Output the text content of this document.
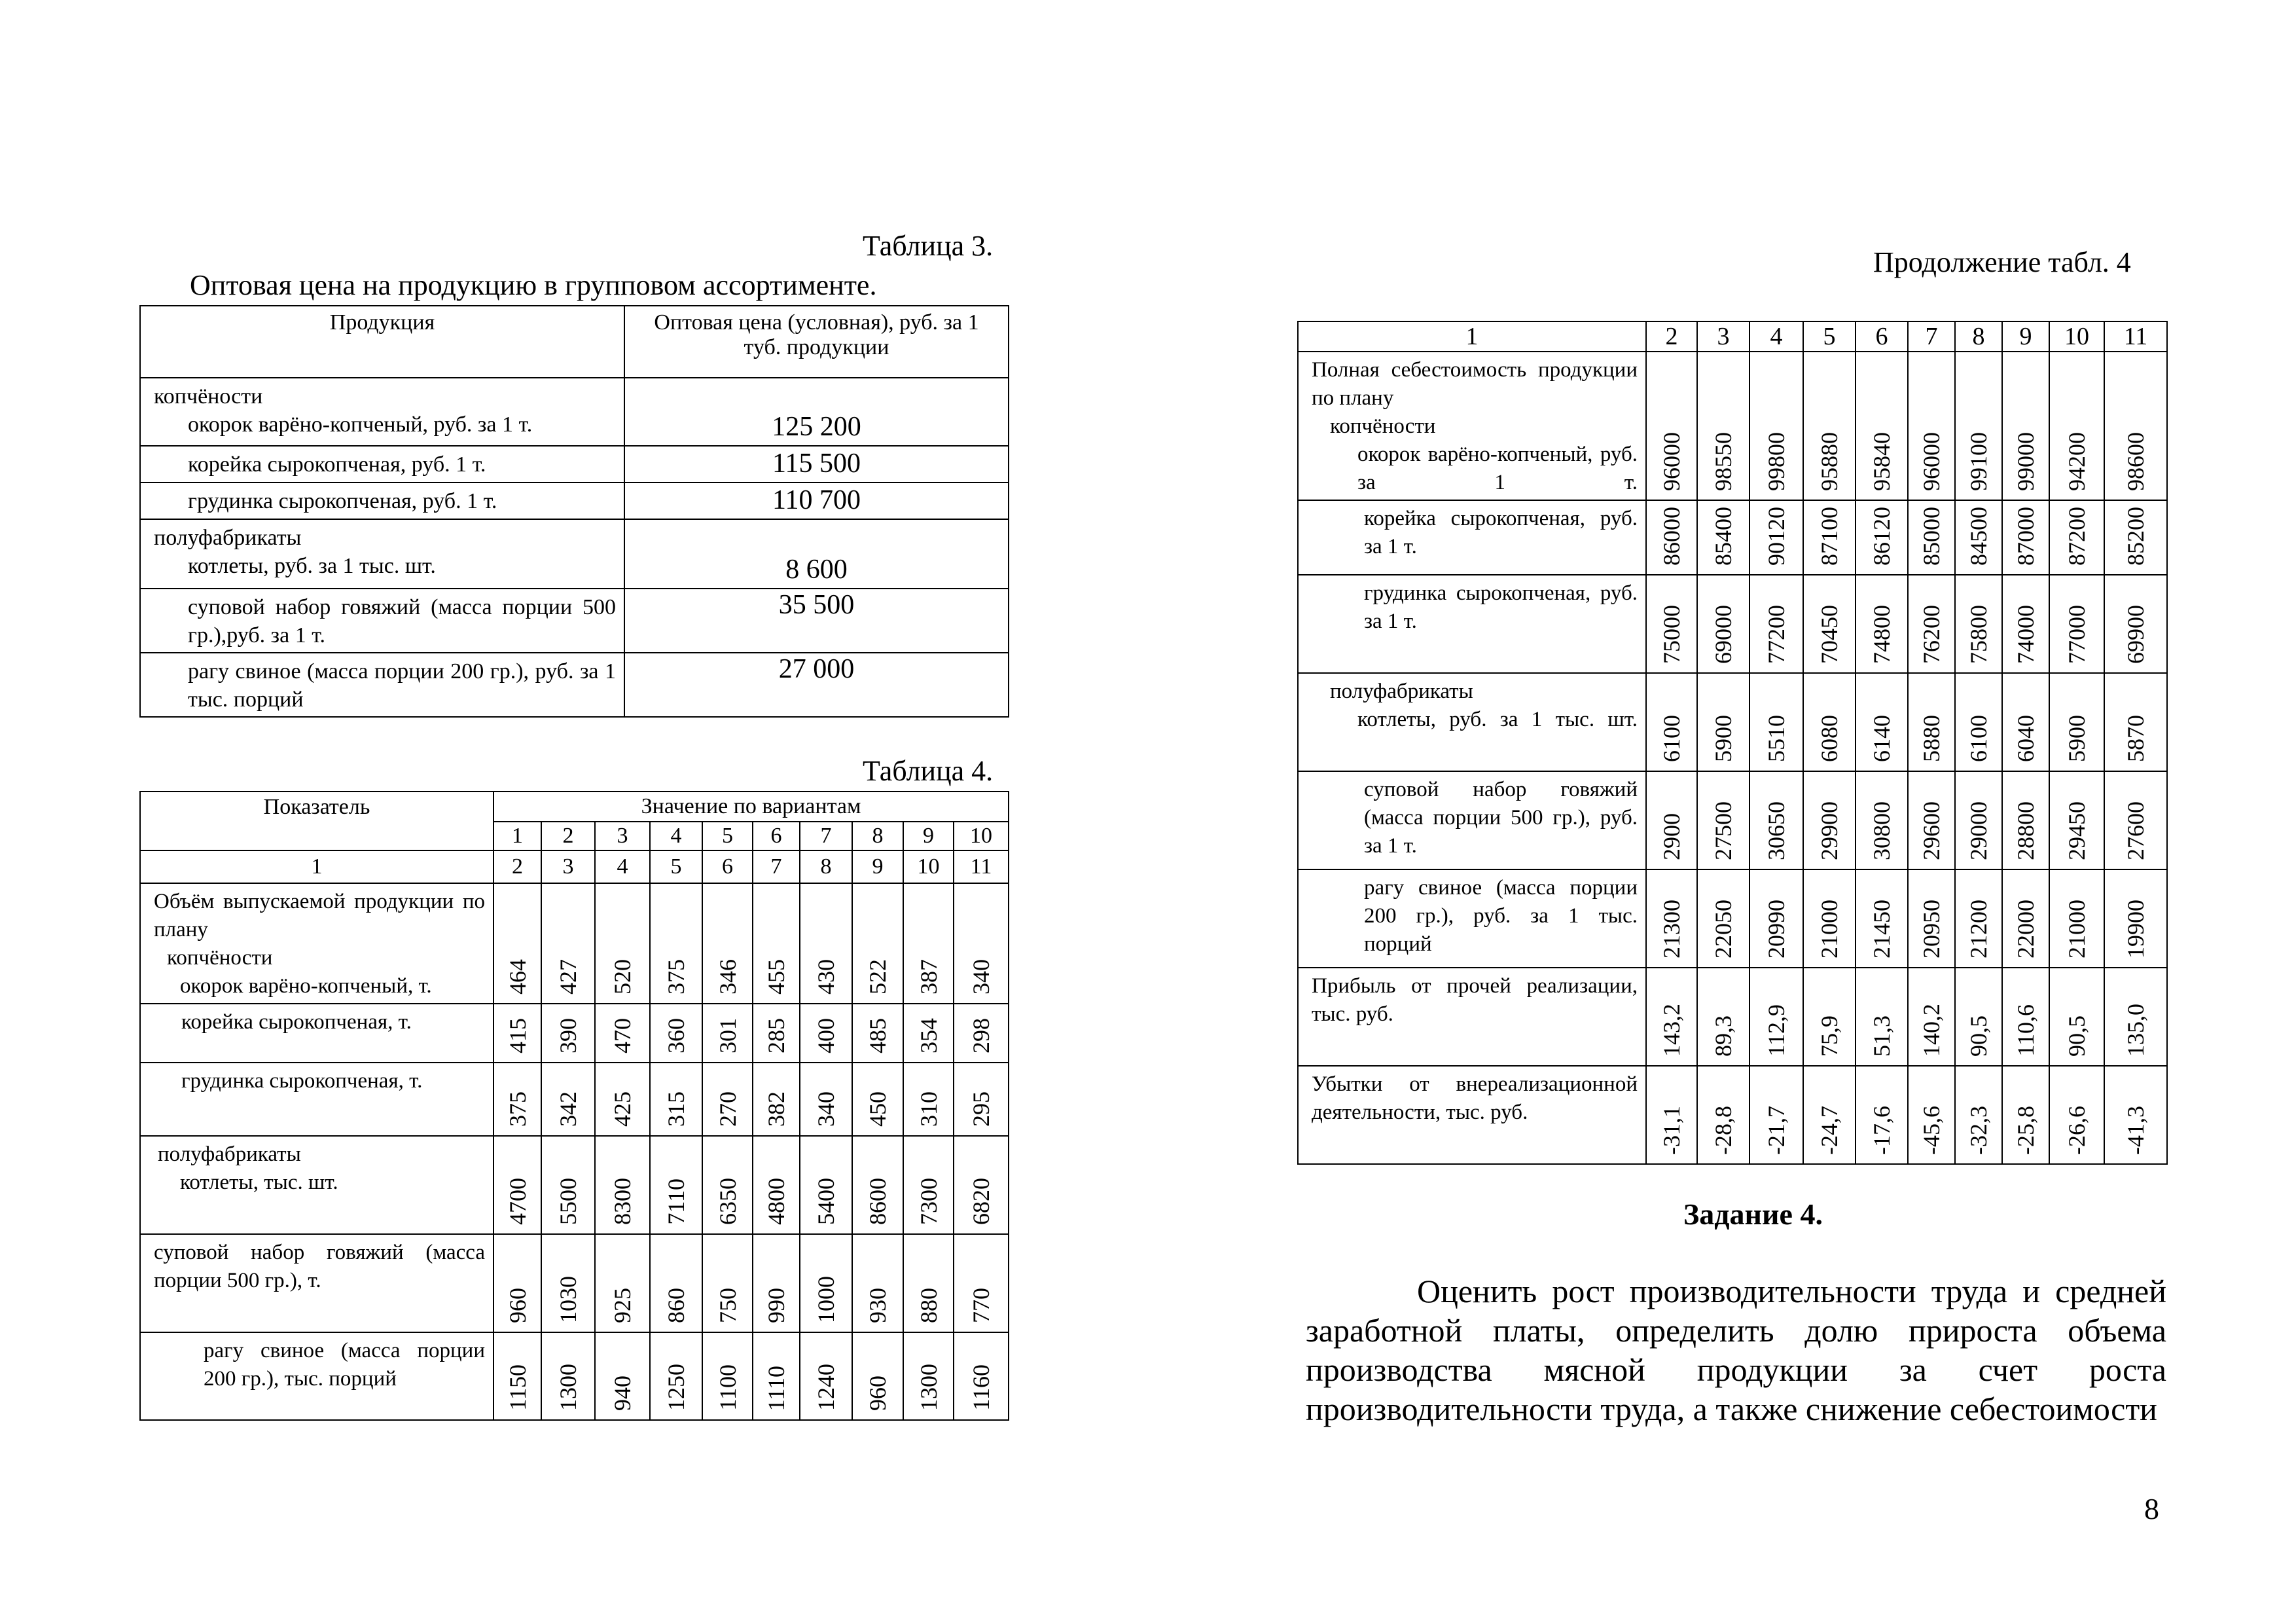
Таблица 3.
Оптовая цена на продукцию в групповом ассортименте.
Продукция	Оптовая цена (условная), руб. за 1 туб. продукции

копчёности
окорок варёно-копченый, руб. за 1 т.	125 200
корейка сырокопченая, руб. 1 т.	115 500
грудинка сырокопченая, руб. 1 т.	110 700

полуфабрикаты
котлеты, руб. за 1 тыс. шт.	8 600
суповой набор говяжий (масса порции 500 гр.),руб. за 1 т.	35 500
рагу свиное (масса порции 200 гр.), руб. за 1 тыс. порций	27 000
Таблица 4.
Показатель	Значение по вариантам									
	1	2	3	4	5	6	7	8	9	10
1	2	3	4	5	6	7	8	9	10	11

Объём выпускаемой продукции по плану
копчёности
окорок варёно-копченый, т.	464	427	520	375	346	455	430	522	387	340
корейка сырокопченая, т.	415	390	470	360	301	285	400	485	354	298
грудинка сырокопченая, т.	375	342	425	315	270	382	340	450	310	295

полуфабрикаты
котлеты, тыс. шт.	4700	5500	8300	7110	6350	4800	5400	8600	7300	6820
суповой набор говяжий (масса порции 500 гр.), т.	960	1030	925	860	750	990	1000	930	880	770
рагу свиное (масса порции 200 гр.), тыс. порций	1150	1300	940	1250	1100	1110	1240	960	1300	1160
Продолжение табл. 4
1	2	3	4	5	6	7	8	9	10	11

Полная себестоимость продукции по плану
копчёности
окорок варёно-копченый, руб. за 1 т.	96000	98550	99800	95880	95840	96000	99100	99000	94200	98600
корейка сырокопченая, руб. за 1 т.	86000	85400	90120	87100	86120	85000	84500	87000	87200	85200
грудинка сырокопченая, руб. за 1 т.	75000	69000	77200	70450	74800	76200	75800	74000	77000	69900

полуфабрикаты
котлеты, руб. за 1 тыс. шт.	6100	5900	5510	6080	6140	5880	6100	6040	5900	5870
суповой набор говяжий (масса порции 500 гр.), руб. за 1 т.	2900	27500	30650	29900	30800	29600	29000	28800	29450	27600
рагу свиное (масса порции 200 гр.), руб. за 1 тыс. порций	21300	22050	20990	21000	21450	20950	21200	22000	21000	19900
Прибыль от прочей реализации, тыс. руб.	143,2	89,3	112,9	75,9	51,3	140,2	90,5	110,6	90,5	135,0
Убытки от внереализационной деятельности, тыс. руб.	-31,1	-28,8	-21,7	-24,7	-17,6	-45,6	-32,3	-25,8	-26,6	-41,3
Задание 4.
Оценить рост производительности труда и средней заработной платы, определить долю прироста объема производства мясной продукции за счет роста производительности труда, а также снижение себестоимости
8
